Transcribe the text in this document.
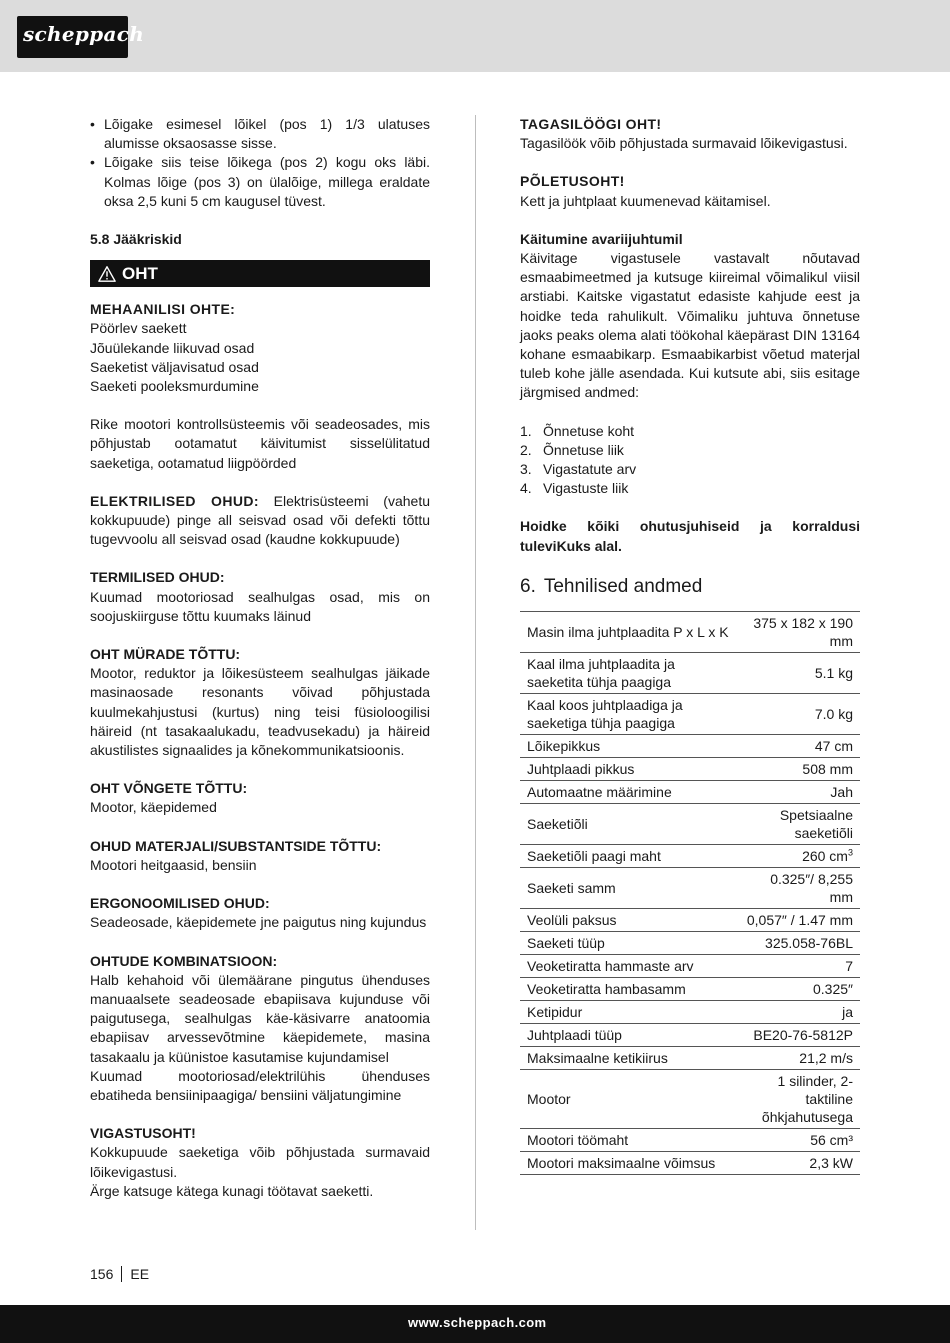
scheppach
• Lõigake esimesel lõikel (pos 1) 1/3 ulatuses alumisse oksaosasse sisse.
• Lõigake siis teise lõikega (pos 2) kogu oks läbi. Kolmas lõige (pos 3) on ülalõige, millega eraldate oksa 2,5 kuni 5 cm kaugusel tüvest.

5.8 Jääkriskid

OHT

MEHAANILISI OHTE:

Pöörlev saekett

Jõuülekande liikuvad osad

Saeketist väljavisatud osad

Saeketi pooleksmurdumine

Rike mootori kontrollsüsteemis või seadeosades, mis põhjustab ootamatut käivitumist sisselülitatud saeketiga, ootamatud liigpöörded

ELEKTRILISED OHUD: Elektrisüsteemi (vahetu kokkupuude) pinge all seisvad osad või defekti tõttu tugevvoolu all seisvad osad (kaudne kokkupuude)

TERMILISED OHUD:

Kuumad mootoriosad sealhulgas osad, mis on soojuskiirguse tõttu kuumaks läinud

OHT MÜRADE TÕTTU:

Mootor, reduktor ja lõikesüsteem sealhulgas jäikade masinaosade resonants võivad põhjustada kuulmekahjustusi (kurtus) ning teisi füsioloogilisi häireid (nt tasakaalukadu, teadvusekadu) ja häireid akustilistes signaalides ja kõnekommunikatsioonis.

OHT VÕNGETE TÕTTU:

Mootor, käepidemed

OHUD MATERJALI/SUBSTANTSIDE TÕTTU:

Mootori heitgaasid, bensiin

ERGONOOMILISED OHUD:

Seadeosade, käepidemete jne paigutus ning kujundus

OHTUDE KOMBINATSIOON:

Halb kehahoid või ülemäärane pingutus ühenduses manuaalsete seadeosade ebapiisava kujunduse või paigutusega, sealhulgas käe-käsivarre anatoomia ebapiisav arvessevõtmine käepidemete, masina tasakaalu ja küünistoe kasutamise kujundamisel

Kuumad mootoriosad/elektrilühis ühenduses ebatiheda bensiinipaagiga/ bensiini väljatungimine

VIGASTUSOHT!

Kokkupuude saeketiga võib põhjustada surmavaid lõikevigastusi.

Ärge katsuge kätega kunagi töötavat saeketti.

TAGASILÖÖGI OHT!

Tagasilöök võib põhjustada surmavaid lõikevigastusi.

PÕLETUSOHT!

Kett ja juhtplaat kuumenevad käitamisel.

Käitumine avariijuhtumil

Käivitage vigastusele vastavalt nõutavad esmaabimeetmed ja kutsuge kiireimal võimalikul viisil arstiabi. Kaitske vigastatut edasiste kahjude eest ja hoidke teda rahulikult. Võimaliku juhtuva õnnetuse jaoks peaks olema alati töökohal käepärast DIN 13164 kohane esmaabikarp. Esmaabikarbist võetud materjal tuleb kohe jälle asendada. Kui kutsute abi, siis esitage järgmised andmed:

1. Õnnetuse koht
2. Õnnetuse liik
3. Vigastatute arv
4. Vigastuste liik

Hoidke kõiki ohutusjuhiseid ja korraldusi tuleviKuks alal.

6. Tehnilised andmed
Masin ilma juhtplaadita P x L x K	375 x 182 x 190 mm
Kaal ilma juhtplaadita ja saeketita tühja paagiga	5.1 kg
Kaal koos juhtplaadiga ja saeketiga tühja paagiga	7.0 kg
Lõikepikkus	47 cm
Juhtplaadi pikkus	508 mm
Automaatne määrimine	Jah
Saeketiõli	Spetsiaalne saeketiõli
Saeketiõli paagi maht	260 $cm^3$
Saeketi samm	0.325″/ 8,255 mm
Veolüli paksus	0,057″ / 1.47 mm
Saeketi tüüp	325.058-76BL
Veoketiratta hammaste arv	7
Veoketiratta hambasamm	0.325″
Ketipidur	ja
Juhtplaadi tüüp	BE20-76-5812P
Maksimaalne ketikiirus	21,2 m/s
Mootor	1 silinder, 2-taktiline õhkjahutusega
Mootori töömaht	56 cm³
Mootori maksimaalne võimsus	2,3 kW
156 EE
www.scheppach.com
